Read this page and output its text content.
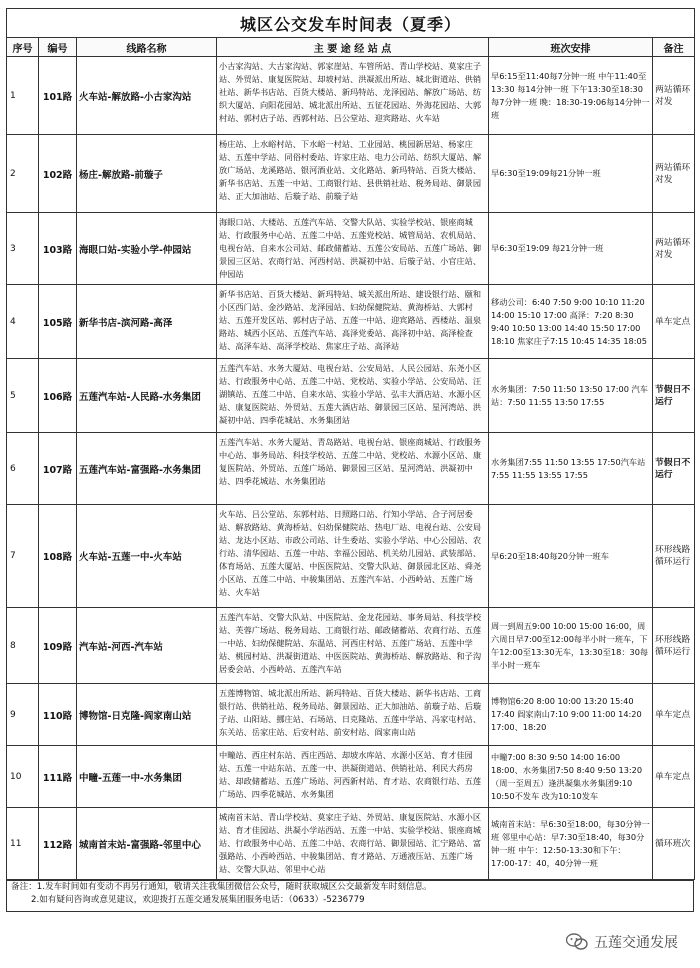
城区公交发车时间表（夏季）					
序号	编号	线路名称	主 要 途 经 站 点	班次安排	备注
1	101路	火车站-解放路-小古家沟站	小古家沟站、大古家沟站、郭家崖站、车管所站、青山学校站、莫家庄子站、外贸站、康复医院站、却坡村站、洪凝派出所站、城北街道站、供销社站、新华书店站、百货大楼站、新玛特站、龙泽园站、解放广场站、纺织大厦站、向阳花园站、城北派出所站、五征花园站、外海花园站、大郭村站、郭村店子站、西郭村站、吕公堂站、迎宾路站、火车站	早6:15至11:40每7分钟一班 中午11:40至13:30 每14分钟一班 下午13:30至18:30每7分钟一班 晚：18:30-19:06每14分钟一班	两站循环对发
2	102路	杨庄-解放路-前璇子	杨庄站、上水峪村站、下水峪一村站、工业园站、桃园新居站、杨家庄站、五莲中学站、同俗村委站、许家庄站、电力公司站、纺织大厦站、解放广场站、龙溪路站、银河酒业站、文化路站、新玛特站、百货大楼站、新华书店站、五莲一中站、工商银行站、县供销社站、税务局站、御景园站、正大加油站、后璇子站、前璇子站	早6:30至19:09每21分钟一班	两站循环对发
3	103路	海眼口站-实验小学-仲园站	海眼口站、大楼站、五莲汽车站、交警大队站、实验学校站、银座商城站、行政服务中心站、五莲二中站、五莲党校站、城管局站、农机局站、电视台站、自来水公司站、邮政储蓄站、五莲公安局站、五莲广场站、御景园三区站、农商行站、河西村站、洪凝初中站、后璇子站、小官庄站、仲园站	早6:30至19:09 每21分钟一班	两站循环对发
4	105路	新华书店-滨河路-高泽	新华书店站、百货大楼站、新玛特站、城关派出所站、建设银行站、颐和小区西门站、金沙路站、龙泽园站、妇幼保健院站、黄海桥站、大郭村站、五莲开发区站、郭村店子站、五莲一中站、迎宾路站、西楼站、温泉路站、城西小区站、五莲汽车站、高泽党委站、高泽初中站、高泽检查站、高泽车站、高泽学校站、焦家庄子站、高泽站	移动公司：6:40 7:50 9:00 10:10 11:20 14:00 15:10 17:00 高泽：7:20 8:30 9:40 10:50 13:00 14:40 15:50 17:00 18:10 焦家庄子7:15 10:45 14:35 18:05	单车定点
5	106路	五莲汽车站-人民路-水务集团	五莲汽车站、水务大厦站、电视台站、公安局站、人民公园站、东尧小区站、行政服务中心站、五莲二中站、党校站、实验小学站、公安局站、汪湖镇站、五莲二中站、自来水站、实验小学站、弘丰大酒店站、水源小区站、康复医院站、外贸站、五莲大酒店站、御景园三区站、星河湾站、洪凝初中站、四季花城站、水务集团站	水务集团：7:50 11:50 13:50 17:00 汽车站：7:50 11:55 13:50 17:55	节假日不运行
6	107路	五莲汽车站-富强路-水务集团	五莲汽车站、水务大厦站、青岛路站、电视台站、银座商城站、行政服务中心站、事务局站、科技学校站、五莲二中站、党校站、水源小区站、康复医院站、外贸站、五莲广场站、御景园三区站、星河湾站、洪凝初中站、四季花城站、水务集团站	水务集团7:55 11:50 13:55 17:50汽车站7:55 11:55 13:55 17:55	节假日不运行
7	108路	火车站-五莲一中-火车站	火车站、吕公堂站、东郭村站、日照路口站、行知小学站、合子河居委站、解放路站、黄海桥站、妇幼保健院站、热电厂站、电视台站、公安局站、龙达小区站、市政公司站、计生委站、实验小学站、中心公园站、农行站、清华园站、五莲一中站、幸福公园站、机关幼儿园站、武装部站、体育场站、五莲大厦站、中医医院站、交警大队站、御景园北区站、舜尧小区站、五莲二中站、中骏集团站、五莲汽车站、小西岭站、五莲广场站、火车站	早6:20至18:40每20分钟一班车	环形线路循环运行
8	109路	汽车站-河西-汽车站	五莲汽车站、交警大队站、中医院站、金龙花园站、事务局站、科技学校站、芙蓉广场站、税务局站、工商银行站、邮政储蓄站、农商行站、五莲一中站、妇幼保健院站、东温站、河西庄村站、五莲广场站、五莲中学站、桃园村站、洪凝街道站、中医医院站、黄海桥站、解放路站、和子沟居委会站、小西岭站、五莲汽车站	周一到周五9:00 10:00 15:00 16:00，周六周日早7:00至12:00每半小时一班车，下午12:00至13:30无车，13:30至18：30每半小时一班车	环形线路循环运行
9	110路	博物馆-日克隆-阎家南山站	五莲博物馆、城北派出所站、新玛特站、百货大楼站、新华书店站、工商银行站、供销社站、税务局站、御景园站、正大加油站、前璇子站、后璇子站、山阳站、挪庄站、石场站、日克隆站、五莲中学站、冯家屯村站、东关站、岳家庄站、后安村站、前安村站、阎家南山站	博物馆6:20 8:00 10:00 13:20 15:40 17:40 阎家南山7:10 9:00 11:00 14:20 17:00、18:20	单车定点
10	111路	中疃-五莲一中-水务集团	中疃站、西庄村东站、西庄西站、却坡水库站、水源小区站、育才佳园站、五莲一中站东站、五莲一中、洪凝街道站、供销社站、利民大药房站、却政储蓄站、五莲广场站、河西新村站、育才站、农商银行站、五莲广场站、四季花城站、水务集团	中疃7:00 8:30 9:50 14:00 16:00 18:00、水务集团7:50 8:40 9:50 13:20 （周一至周五）逢洪凝集水务集团9:10 10:50不发车 改为10:10发车	单车定点
11	112路	城南首末站-富强路-邻里中心	城南首末站、青山学校站、莫家庄子站、外贸站、康复医院站、水源小区站、育才佳园站、洪凝小学站西站、五莲一中站、实验学校站、银座商城站、行政服务中心站、五莲二中站、农商行站、御景园站、汇宁路站、富强路站、小西岭西站、中骏集团站、育才路站、万通液压站、五莲广场站、交警大队站、邻里中心站	城南首末站：早6:30至18:00，每30分钟一班 邻里中心站：早7:30至18:40，每30分钟一班 中午：12:50-13:30和下午：17:00-17：40，40分钟一班	循环班次
备注：1.发车时间如有变动不再另行通知，敬请关注我集团微信公众号，随时获取城区公交最新发车时刻信息。
2.如有疑问咨询或意见建议，欢迎拨打五莲交通发展集团服务电话：（0633）-5236779
五莲交通发展
